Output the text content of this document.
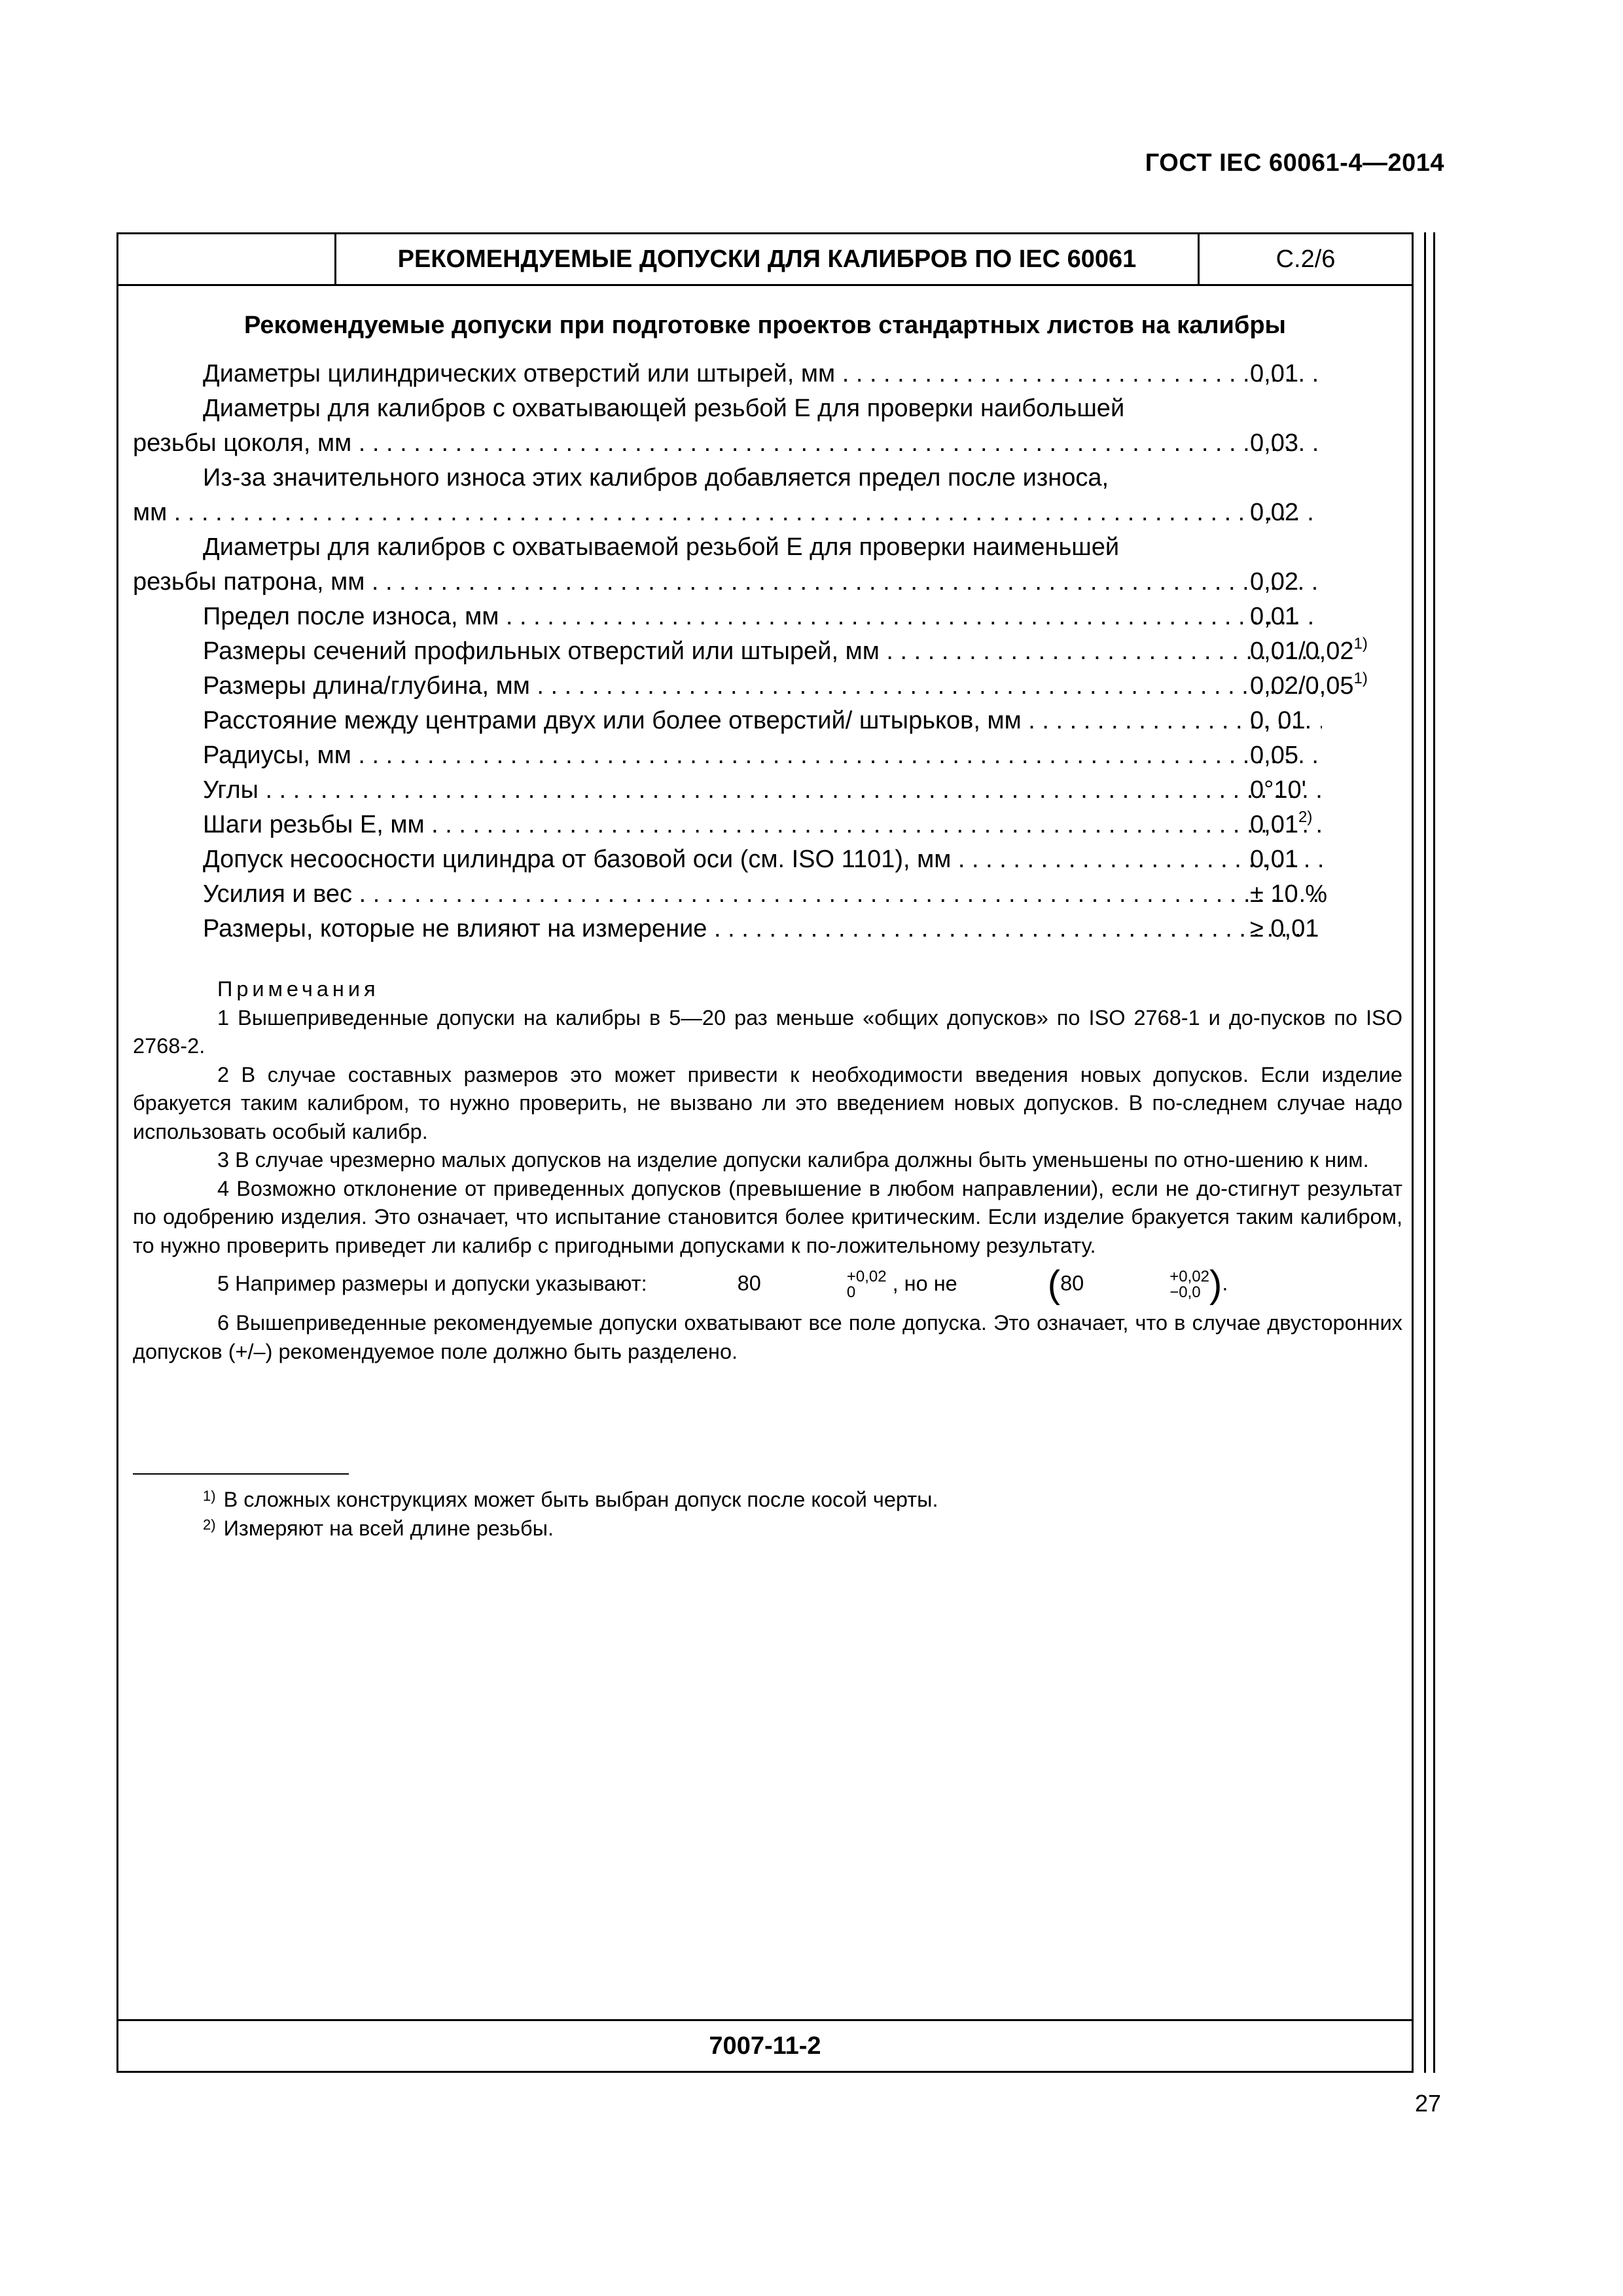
ГОСТ IEC 60061-4—2014
РЕКОМЕНДУЕМЫЕ ДОПУСКИ ДЛЯ КАЛИБРОВ ПО IEC 60061	С.2/6
Рекомендуемые допуски при подготовке проектов стандартных листов на калибры
Диаметры цилиндрических отверстий или штырей, мм . . .	0,01
Диаметры для калибров с охватывающей резьбой Е для проверки наибольшей
резьбы цоколя, мм . . .	0,03
Из-за значительного износа этих калибров добавляется предел после износа,
мм . . .	0,02
Диаметры для калибров с охватываемой резьбой Е для проверки наименьшей
резьбы патрона, мм . . .	0,02
Предел после износа, мм . . .	0,01
Размеры сечений профильных отверстий или штырей, мм . . .	0,01/0,02$^{1)}$
Размеры длина/глубина, мм . . .	0,02/0,05$^{1)}$
Расстояние между центрами двух или более отверстий/ штырьков, мм . . .	0, 01
Радиусы, мм . . .	0,05
Углы . . .	0°10'
Шаги резьбы Е, мм . . .	0,01$^{2)}$
Допуск несоосности цилиндра от базовой оси (см. ISO 1101), мм . . .	0,01
Усилия и вес . . .	± 10 %
Размеры, которые не влияют на измерение . . .	≥ 0,01
Примечания

1 Вышеприведенные допуски на калибры в 5—20 раз меньше «общих допусков» по ISO 2768-1 и до-пусков по ISO 2768-2.

2 В случае составных размеров это может привести к необходимости введения новых допусков. Если изделие бракуется таким калибром, то нужно проверить, не вызвано ли это введением новых допусков. В по-следнем случае надо использовать особый калибр.

3 В случае чрезмерно малых допусков на изделие допуски калибра должны быть уменьшены по отно-шению к ним.

4 Возможно отклонение от приведенных допусков (превышение в любом направлении), если не до-стигнут результат по одобрению изделия. Это означает, что испытание становится более критическим. Если изделие бракуется таким калибром, то нужно проверить приведет ли калибр с пригодными допусками к по-ложительному результату.

5 Например размеры и допуски указывают:	80	+0,02
0	, но не (80	+0,02
−0,0 ).

6 Вышеприведенные рекомендуемые допуски охватывают все поле допуска. Это означает, что в случае двусторонних допусков (+/–) рекомендуемое поле должно быть разделено.

$^{1)}$ В сложных конструкциях может быть выбран допуск после косой черты.
$^{2)}$ Измеряют на всей длине резьбы.
7007-11-2
27
